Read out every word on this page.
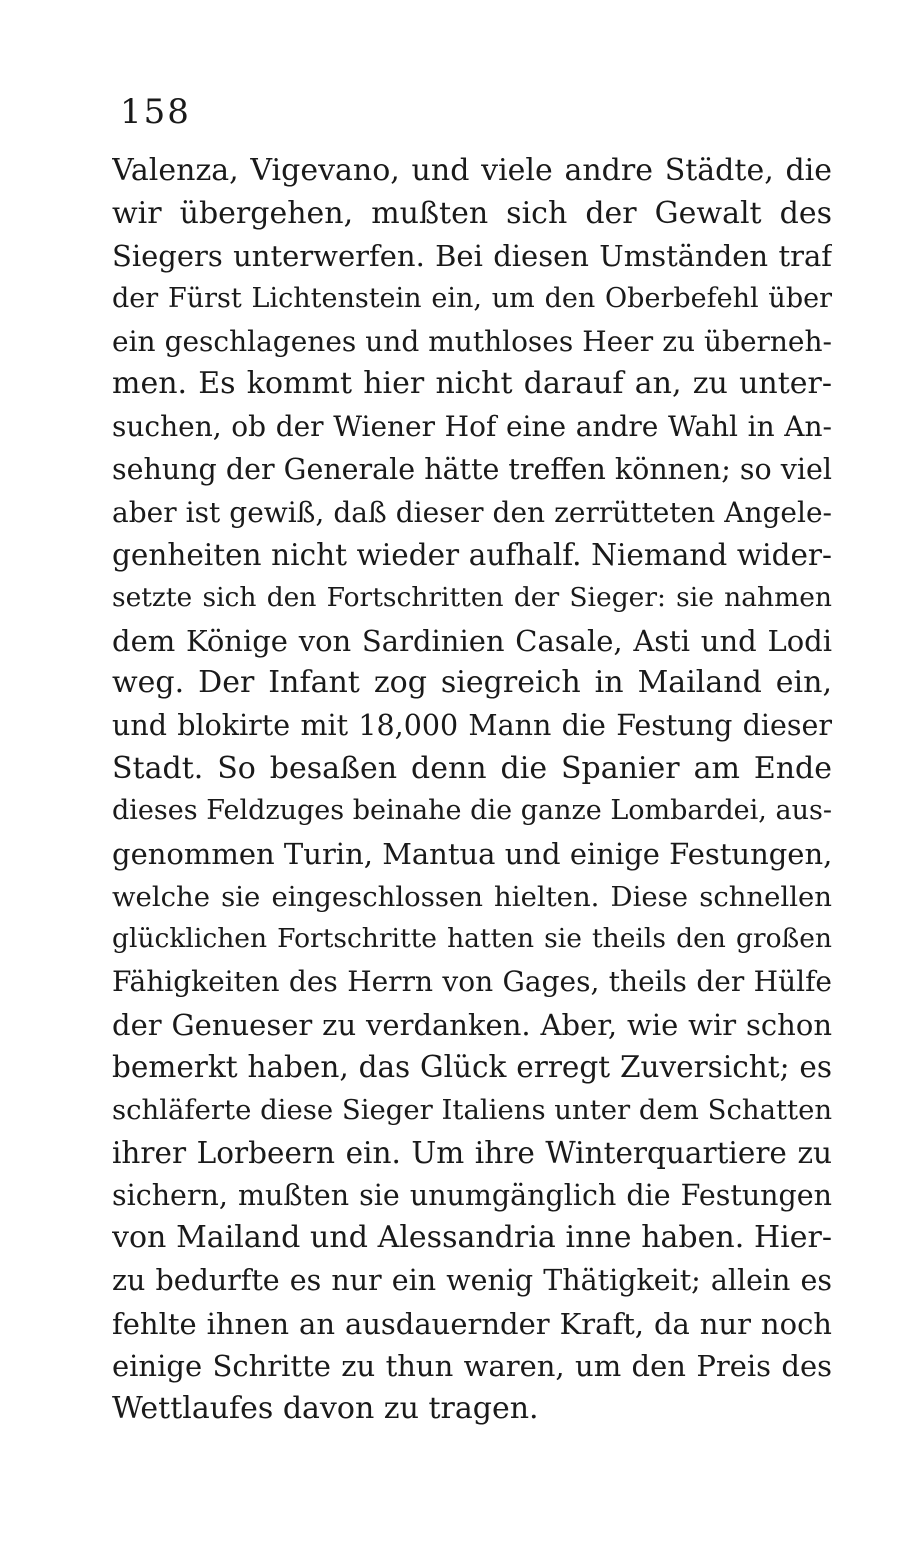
158
Valenza, Vigevano, und viele andre Städte, die
wir übergehen, mußten sich der Gewalt des
Siegers unterwerfen. Bei diesen Umständen traf
der Fürst Lichtenstein ein, um den Oberbefehl über
ein geschlagenes und muthloses Heer zu überneh-
men. Es kommt hier nicht darauf an, zu unter-
suchen, ob der Wiener Hof eine andre Wahl in An-
sehung der Generale hätte treffen können; so viel
aber ist gewiß, daß dieser den zerrütteten Angele-
genheiten nicht wieder aufhalf. Niemand wider-
setzte sich den Fortschritten der Sieger: sie nahmen
dem Könige von Sardinien Casale, Asti und Lodi
weg. Der Infant zog siegreich in Mailand ein,
und blokirte mit 18,000 Mann die Festung dieser
Stadt. So besaßen denn die Spanier am Ende
dieses Feldzuges beinahe die ganze Lombardei, aus-
genommen Turin, Mantua und einige Festungen,
welche sie eingeschlossen hielten. Diese schnellen
glücklichen Fortschritte hatten sie theils den großen
Fähigkeiten des Herrn von Gages, theils der Hülfe
der Genueser zu verdanken. Aber, wie wir schon
bemerkt haben, das Glück erregt Zuversicht; es
schläferte diese Sieger Italiens unter dem Schatten
ihrer Lorbeern ein. Um ihre Winterquartiere zu
sichern, mußten sie unumgänglich die Festungen
von Mailand und Alessandria inne haben. Hier-
zu bedurfte es nur ein wenig Thätigkeit; allein es
fehlte ihnen an ausdauernder Kraft, da nur noch
einige Schritte zu thun waren, um den Preis des
Wettlaufes davon zu tragen.
